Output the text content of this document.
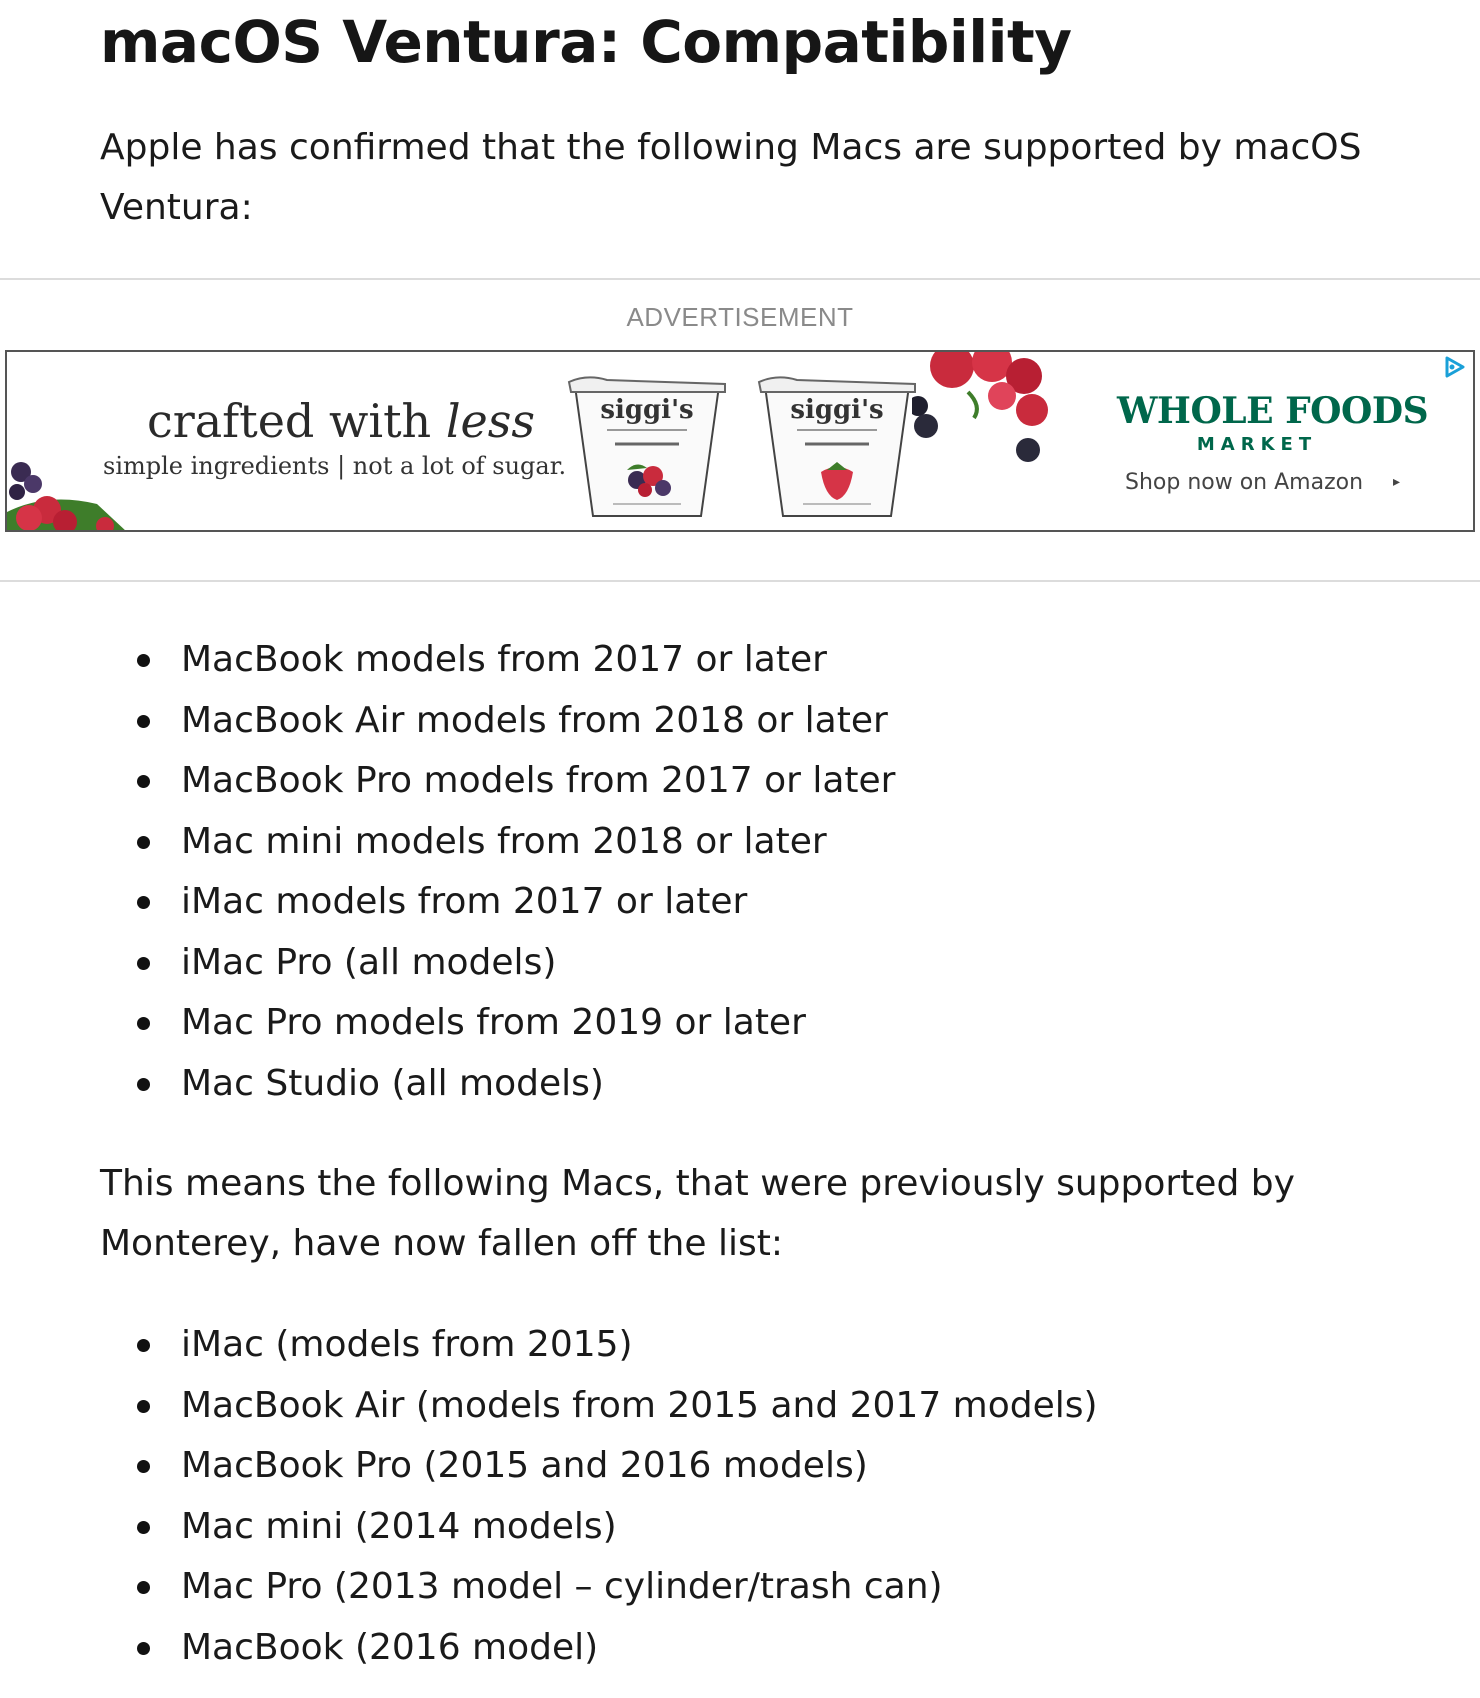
macOS Ventura: Compatibility

Apple has confirmed that the following Macs are supported by macOS Ventura:

ADVERTISEMENT
crafted with less
simple ingredients | not a lot of sugar.
siggi's	siggi's	WHOLE FOODS
MARKET
Shop now on Amazon ▸
MacBook models from 2017 or later
MacBook Air models from 2018 or later
MacBook Pro models from 2017 or later
Mac mini models from 2018 or later
iMac models from 2017 or later
iMac Pro (all models)
Mac Pro models from 2019 or later
Mac Studio (all models)

This means the following Macs, that were previously supported by Monterey, have now fallen off the list:

iMac (models from 2015)
MacBook Air (models from 2015 and 2017 models)
MacBook Pro (2015 and 2016 models)
Mac mini (2014 models)
Mac Pro (2013 model – cylinder/trash can)
MacBook (2016 model)
